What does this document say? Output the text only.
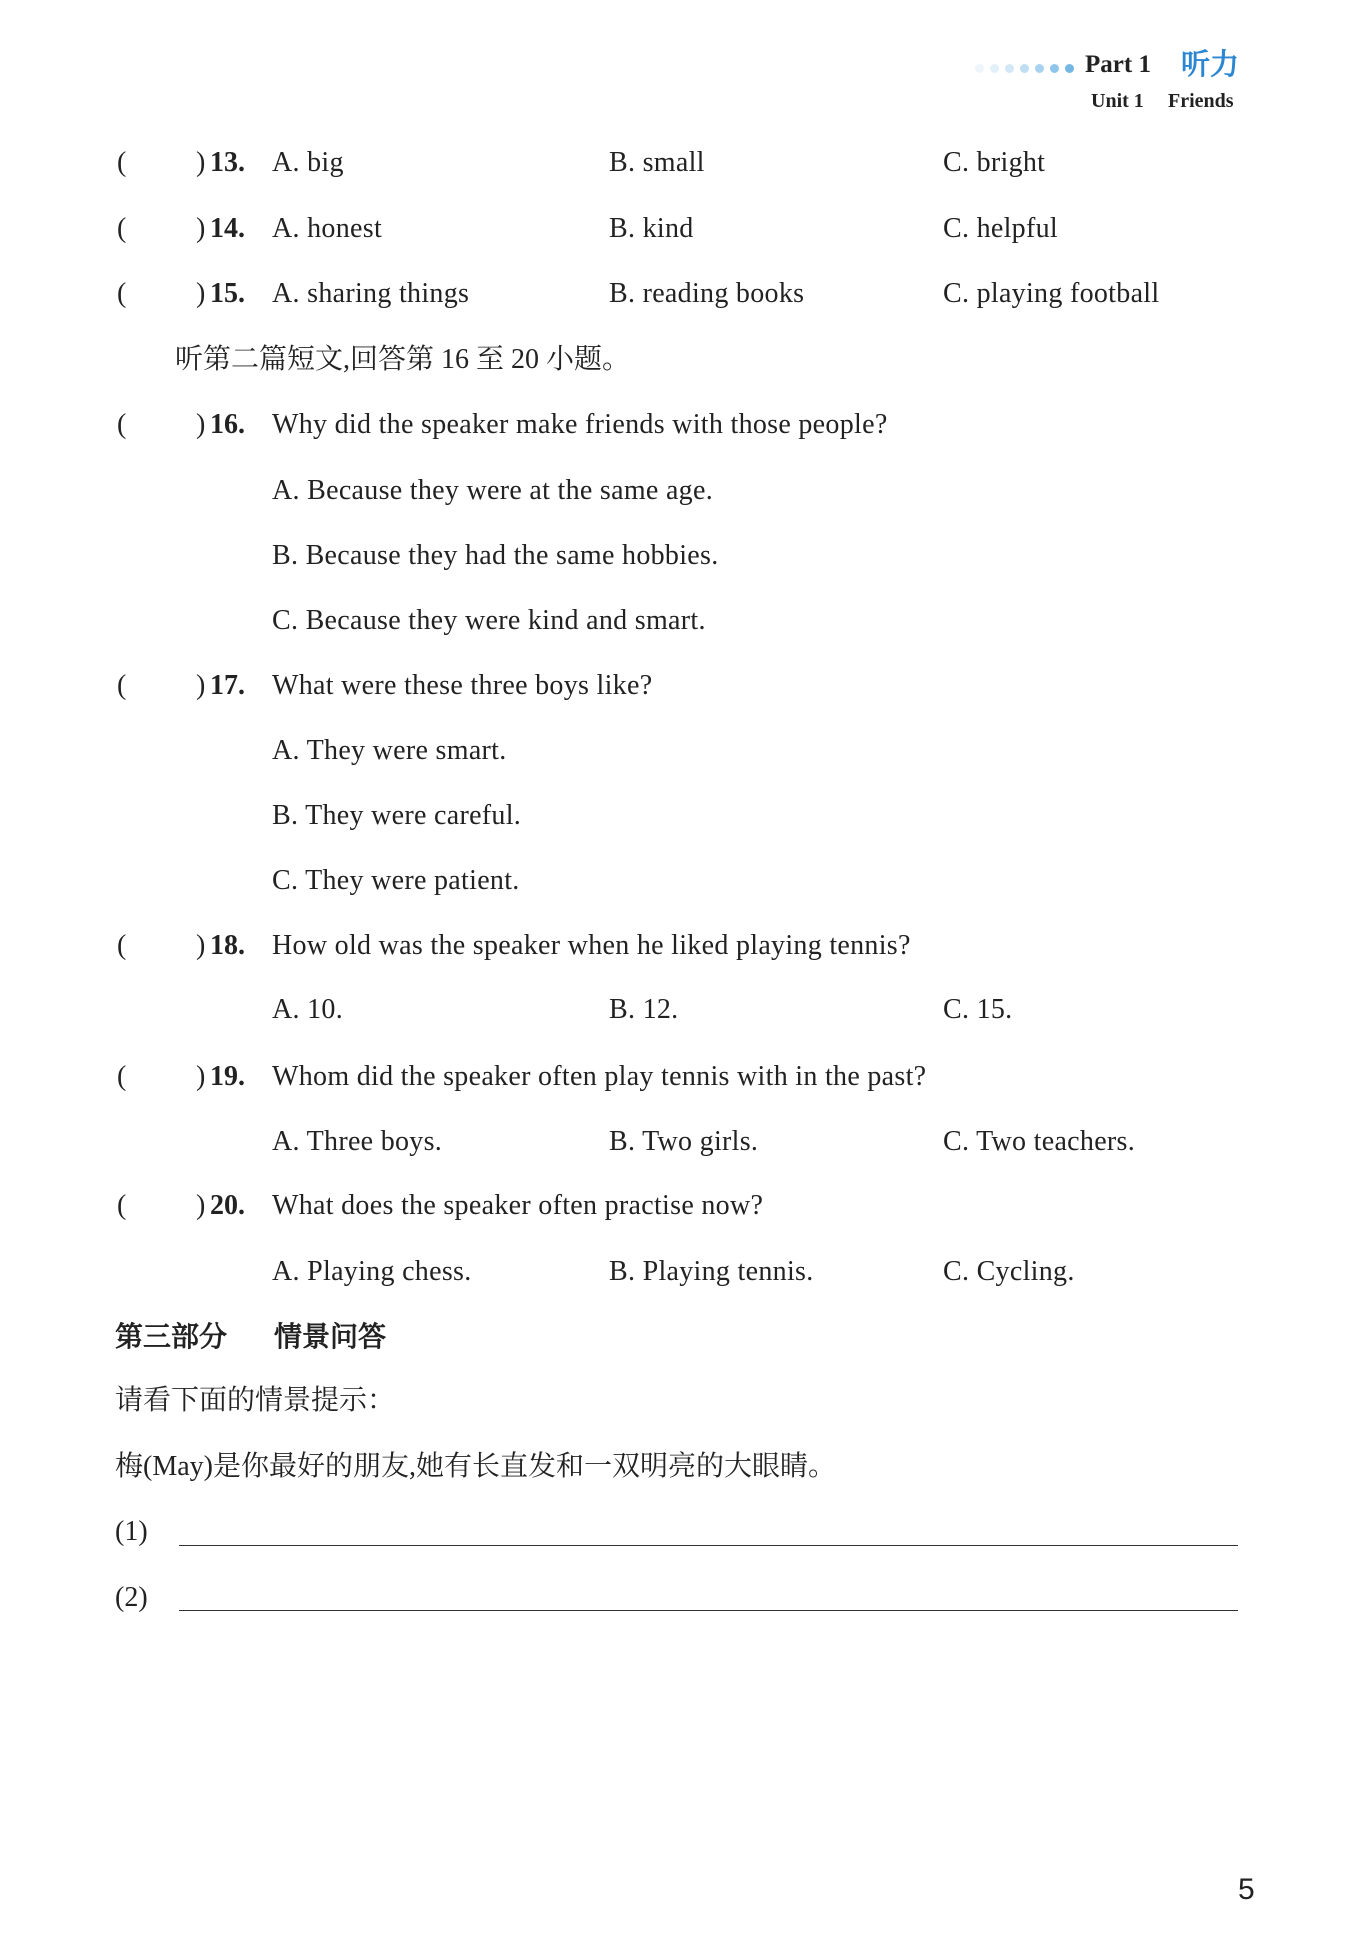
Part 1 听力
Unit 1 Friends
( ) 13. A. big	B. small	C. bright
( ) 14. A. honest	B. kind	C. helpful
( ) 15. A. sharing things	B. reading books	C. playing football
听第二篇短文,回答第 16 至 20 小题。
( ) 16. Why did the speaker make friends with those people?
A. Because they were at the same age.
B. Because they had the same hobbies.
C. Because they were kind and smart.
( ) 17. What were these three boys like?
A. They were smart.
B. They were careful.
C. They were patient.
( ) 18. How old was the speaker when he liked playing tennis?
A. 10.	B. 12.	C. 15.
( ) 19. Whom did the speaker often play tennis with in the past?
A. Three boys.	B. Two girls.	C. Two teachers.
( ) 20. What does the speaker often practise now?
A. Playing chess.	B. Playing tennis.	C. Cycling.
第三部分 情景问答
请看下面的情景提示：
梅(May)是你最好的朋友,她有长直发和一双明亮的大眼睛。
(1)
(2)
5
